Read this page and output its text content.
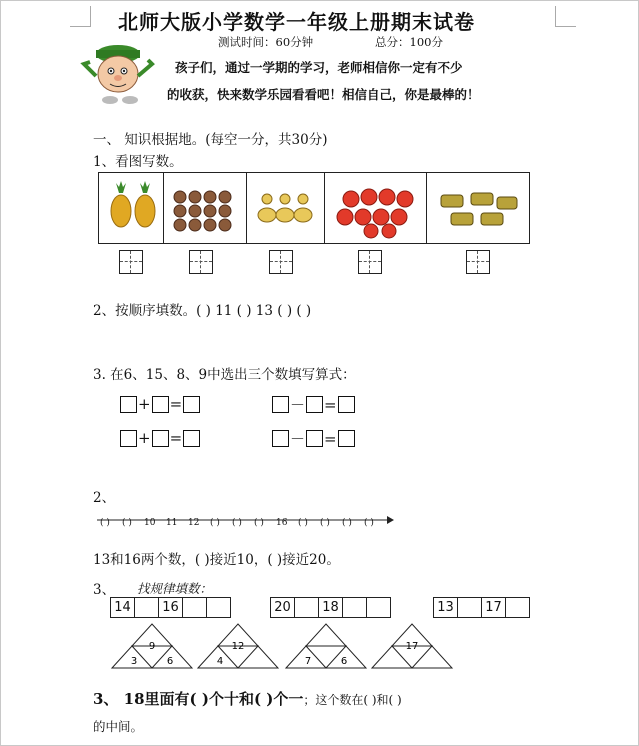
北师大版小学数学一年级上册期末试卷
测试时间：60分钟	总分：100分
孩子们，通过一学期的学习，老师相信你一定有不少
的收获，快来数学乐园看看吧！相信自己，你是最棒的！
一、 知识根据地。(每空一分，共30分)
1、看图写数。
2、按顺序填数。( ) 11 ( ) 13 ( ) ( )
3. 在6、15、8、9中选出三个数填写算式：
+ =	－ =
+ =	－ =
2、
( ) ( ) 10 11 12 ( ) ( ) ( ) 16 ( ) ( ) ( ) ( )
13和16两个数，( )接近10，( )接近20。
3、 找规律填数：
14	16	20	18	13	17
9
3	6
12
4	7	6
17
3、 18里面有( )个十和( )个一；这个数在( )和( )
的中间。
